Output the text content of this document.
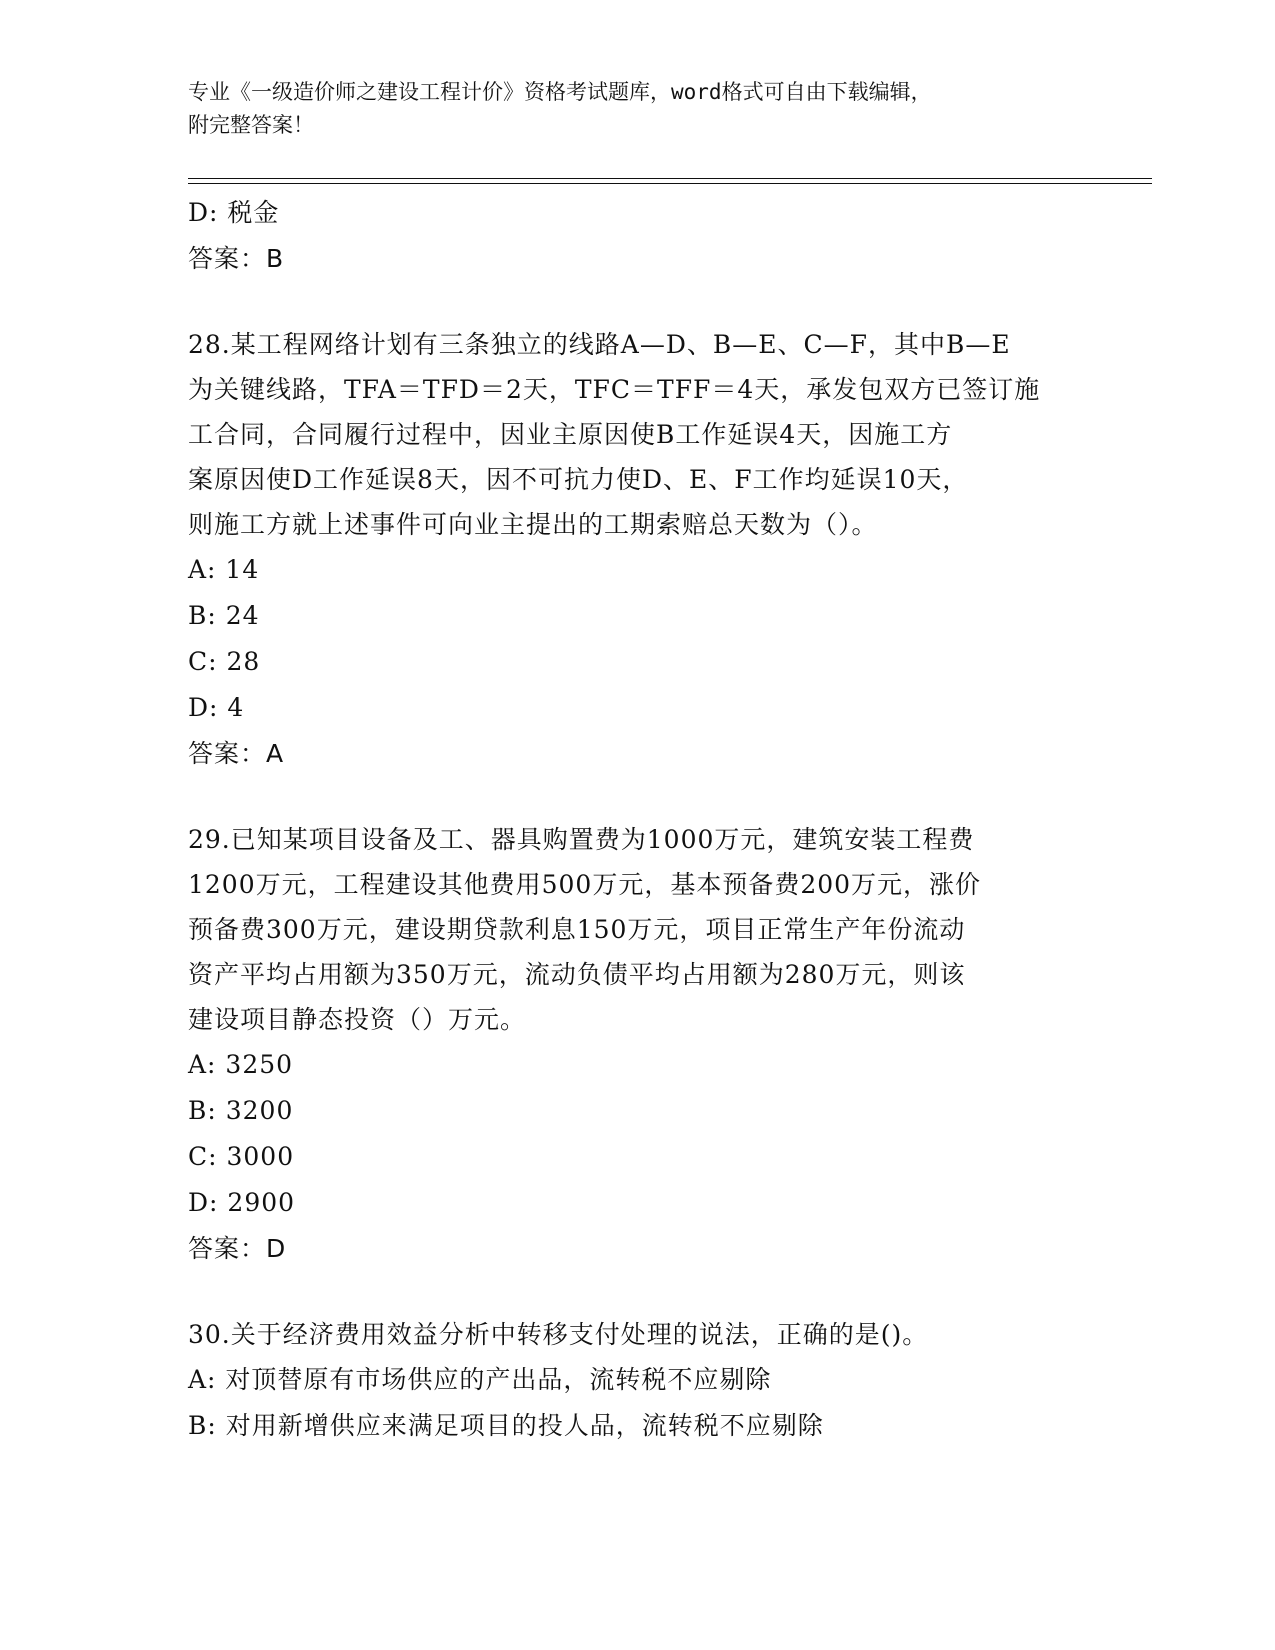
专业《一级造价师之建设工程计价》资格考试题库，word格式可自由下载编辑，
附完整答案！
D: 税金
答案：B
28.某工程网络计划有三条独立的线路A—D、B—E、C—F，其中B—E
为关键线路，TFA＝TFD＝2天，TFC＝TFF＝4天，承发包双方已签订施
工合同，合同履行过程中，因业主原因使B工作延误4天，因施工方
案原因使D工作延误8天，因不可抗力使D、E、F工作均延误10天，
则施工方就上述事件可向业主提出的工期索赔总天数为（）。
A: 14
B: 24
C: 28
D: 4
答案：A
29.已知某项目设备及工、器具购置费为1000万元，建筑安装工程费
1200万元，工程建设其他费用500万元，基本预备费200万元，涨价
预备费300万元，建设期贷款利息150万元，项目正常生产年份流动
资产平均占用额为350万元，流动负债平均占用额为280万元，则该
建设项目静态投资（）万元。
A: 3250
B: 3200
C: 3000
D: 2900
答案：D
30.关于经济费用效益分析中转移支付处理的说法，正确的是()。
A: 对顶替原有市场供应的产出品，流转税不应剔除
B: 对用新增供应来满足项目的投人品，流转税不应剔除
